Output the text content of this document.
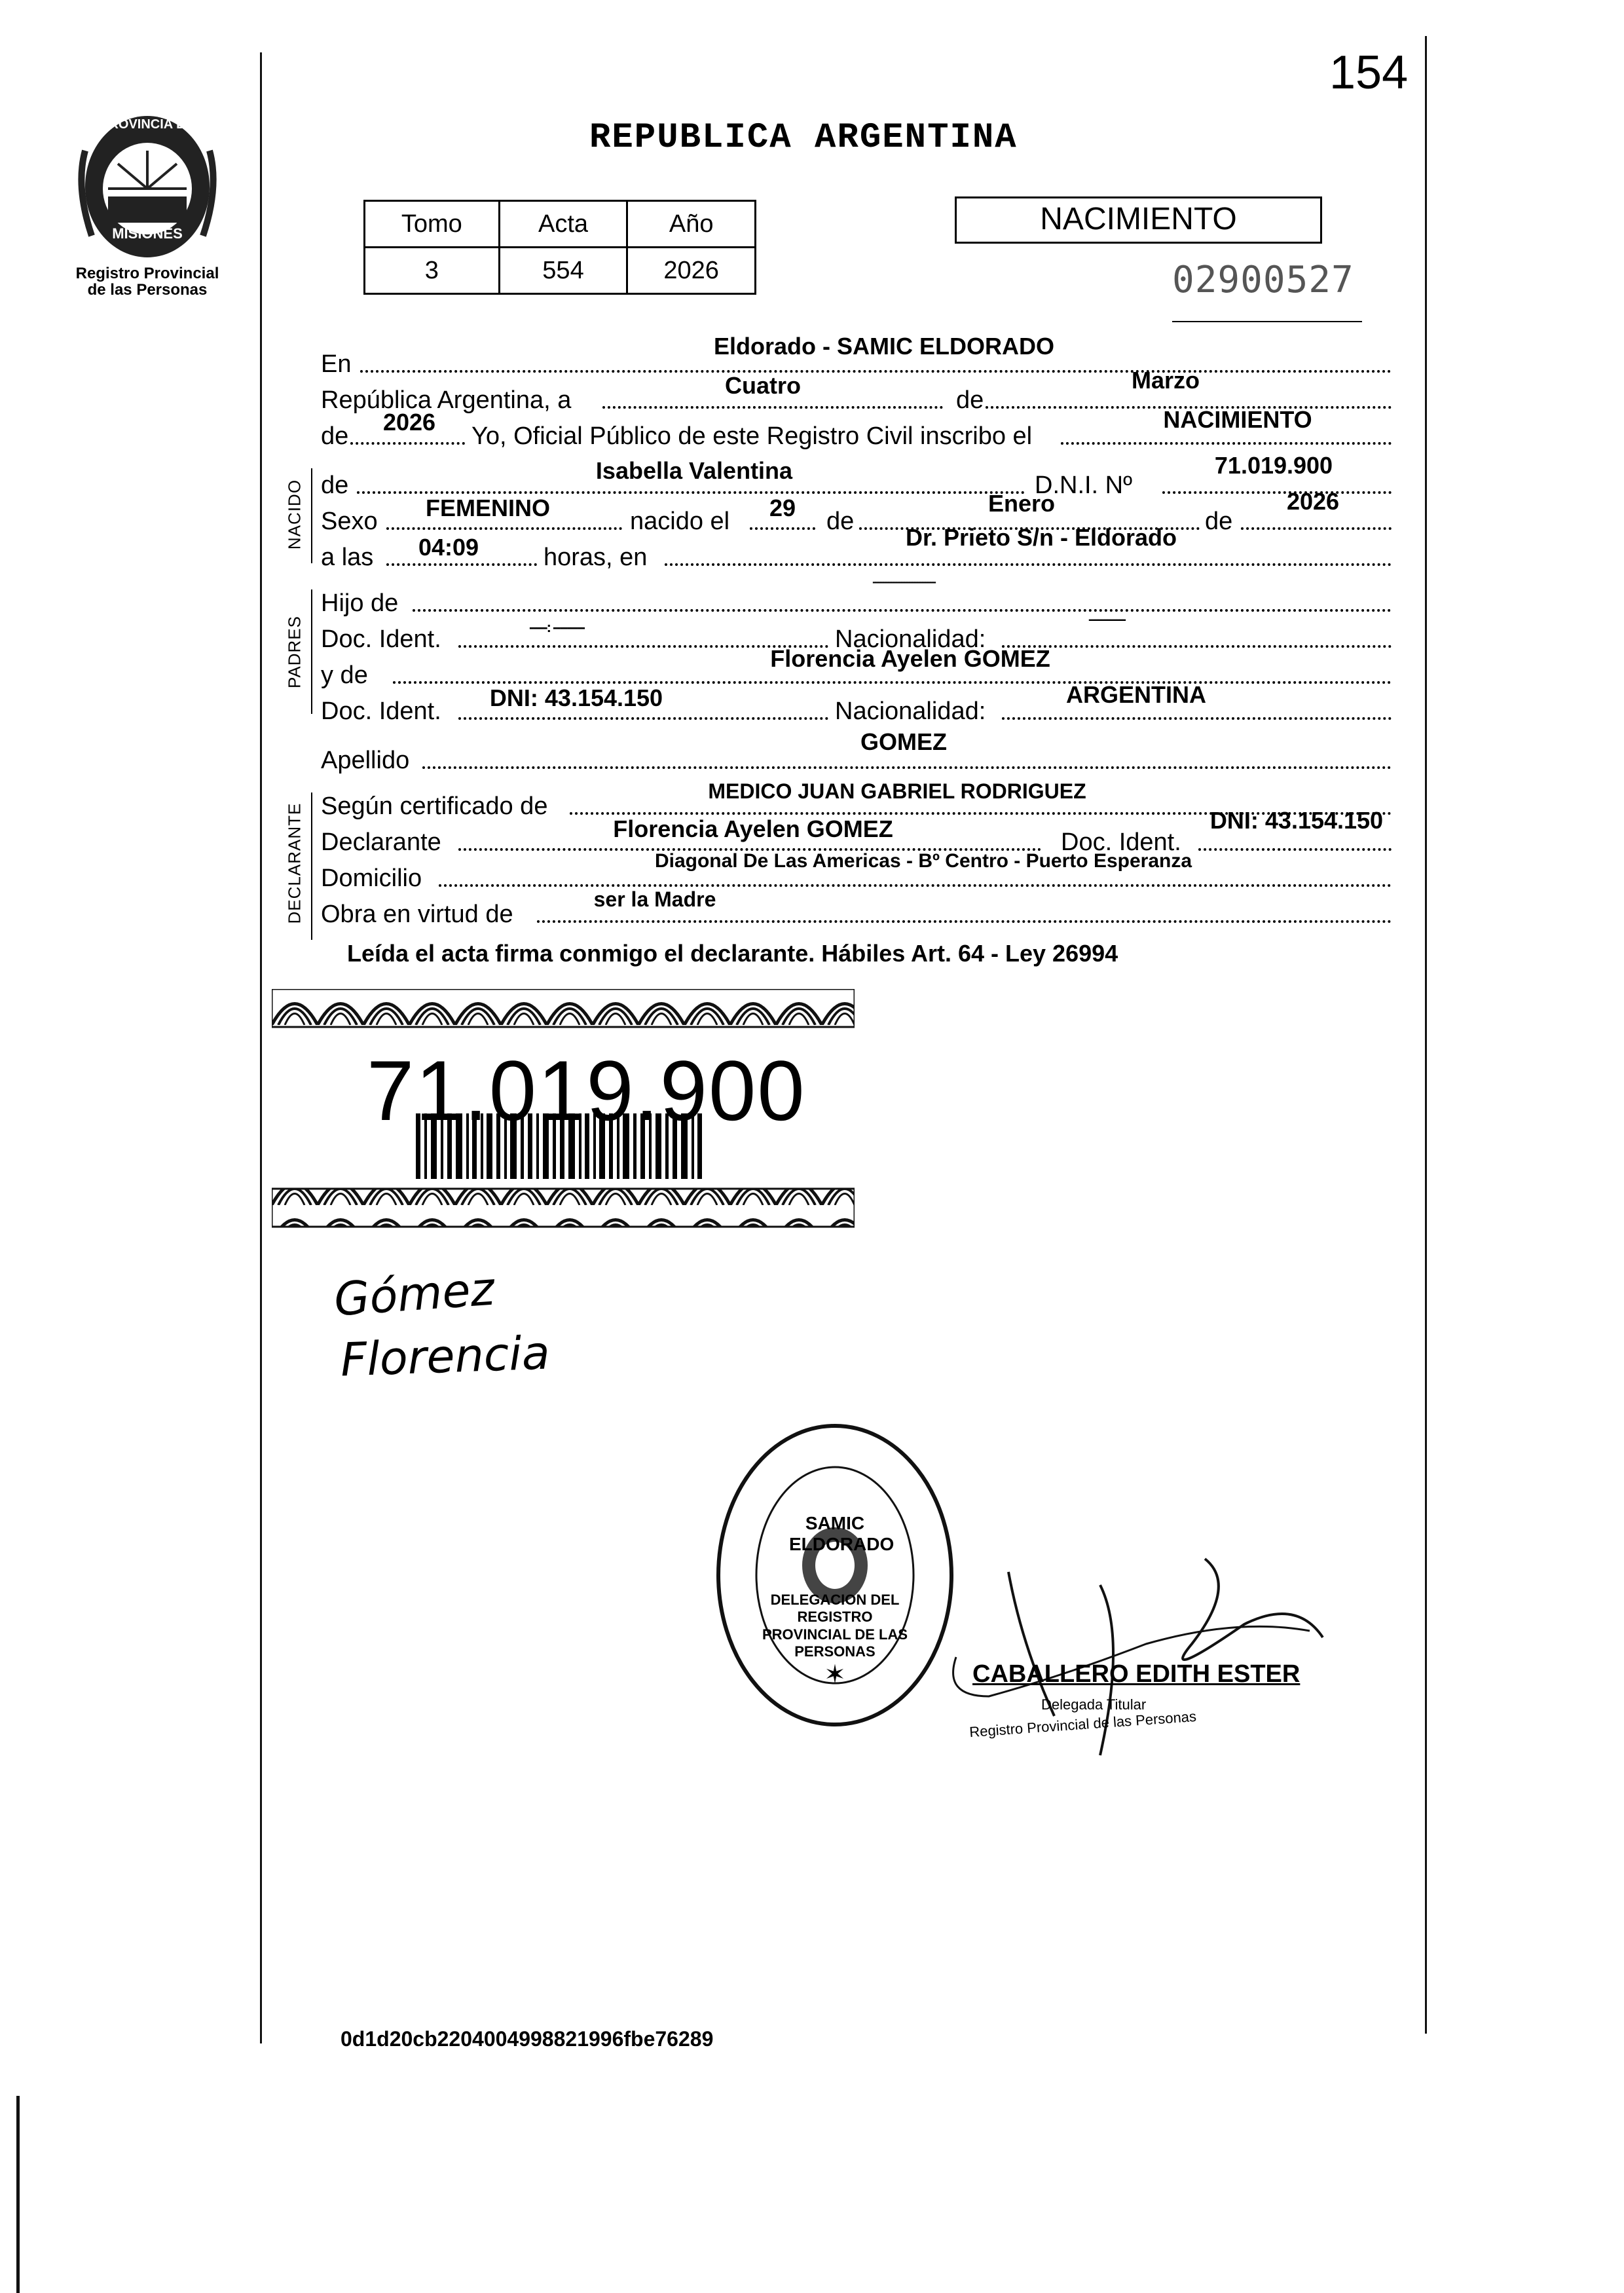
PROVINCIA DE
MISIONES
Registro Provincial de las Personas
154
REPUBLICA ARGENTINA
Tomo	Acta	Año
3	554	2026
NACIMIENTO
02900527
En
Eldorado - SAMIC ELDORADO
República Argentina, a
Cuatro
de
Marzo
de
2026
Yo, Oficial Público de este Registro Civil inscribo el
NACIMIENTO
NACIDO de
Isabella Valentina
D.N.I. Nº
71.019.900
Sexo	FEMENINO	nacido el	29	de
Enero
de
2026
a las	04:09	horas, en
Dr. Prieto S/n - Eldorado
PADRES
------------------------
Hijo de
Doc. Ident.	-----: ---------	Nacionalidad:
------------
y de
Florencia Ayelen GOMEZ
Doc. Ident.	DNI: 43.154.150	Nacionalidad:
ARGENTINA
Apellido
GOMEZ
DECLARANTE Según certificado de
MEDICO JUAN GABRIEL RODRIGUEZ
Declarante	Florencia Ayelen GOMEZ	Doc. Ident.
DNI: 43.154.150
Domicilio
Diagonal De Las Americas - Bº Centro - Puerto Esperanza
Obra en virtud de
ser la Madre
Leída el acta firma conmigo el declarante. Hábiles Art. 64 - Ley 26994
71.019.900
Gómez
Florencia
✶
DELEGACION DEL REGISTRO PROVINCIAL DE LAS PERSONAS
SAMIC ELDORADO
CABALLERO EDITH ESTER
Delegada Titular
Registro Provincial de las Personas
0d1d20cb2204004998821996fbe76289
